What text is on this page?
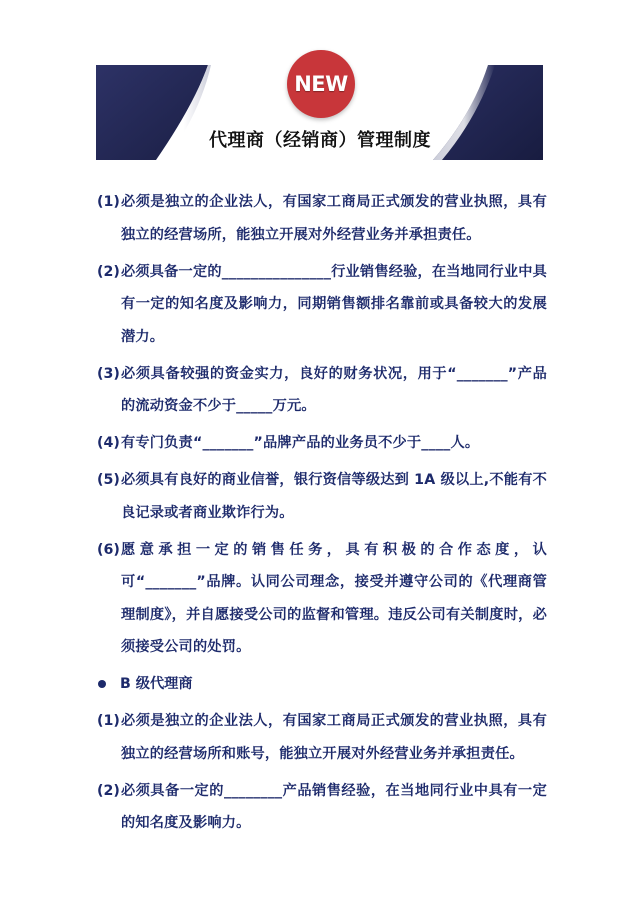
NEW
代理商（经销商）管理制度
(1) 必须是独立的企业法人，有国家工商局正式颁发的营业执照，具有独立的经营场所，能独立开展对外经营业务并承担责任。
(2) 必须具备一定的_______________行业销售经验，在当地同行业中具有一定的知名度及影响力，同期销售额排名靠前或具备较大的发展潜力。
(3) 必须具备较强的资金实力，良好的财务状况，用于“_______”产品的流动资金不少于_____万元。
(4) 有专门负责“_______”品牌产品的业务员不少于____人。
(5) 必须具有良好的商业信誉，银行资信等级达到 1A 级以上,不能有不良记录或者商业欺诈行为。
(6) 愿意承担一定的销售任务，具有积极的合作态度，认可“_______”品牌。认同公司理念，接受并遵守公司的《代理商管理制度》，并自愿接受公司的监督和管理。违反公司有关制度时，必须接受公司的处罚。
B 级代理商
(1) 必须是独立的企业法人，有国家工商局正式颁发的营业执照，具有独立的经营场所和账号，能独立开展对外经营业务并承担责任。
(2) 必须具备一定的________产品销售经验，在当地同行业中具有一定的知名度及影响力。
